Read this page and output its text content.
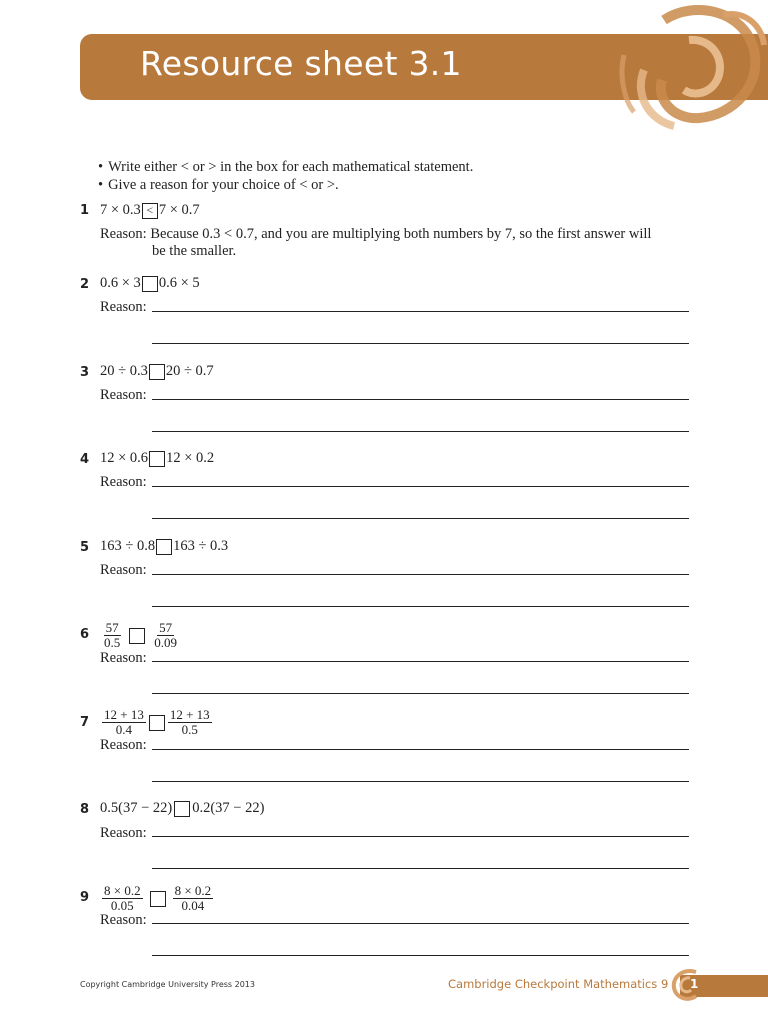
Resource sheet 3.1
• Write either < or > in the box for each mathematical statement.
• Give a reason for your choice of < or >.
1 7 × 0.3 < 7 × 0.7
Reason: Because 0.3 < 0.7, and you are multiplying both numbers by 7, so the first answer will
be the smaller.
2 0.6 × 3 0.6 × 5
Reason:
3 20 ÷ 0.3 20 ÷ 0.7
Reason:
4 12 × 0.6 12 × 0.2
Reason:
5 163 ÷ 0.8 163 ÷ 0.3
Reason:
$6 \frac{57}{0.5} \frac{57}{0.09}$
Reason:
$7 \frac{12 + 13}{0.4} \frac{12 + 13}{0.5}$
Reason:
8 0.5(37 − 22) 0.2(37 − 22)
Reason:
$9 \frac{8 \times 0.2}{0.05} \frac{8 \times 0.2}{0.04}$
Reason:
Copyright Cambridge University Press 2013	Cambridge Checkpoint Mathematics 9 1
